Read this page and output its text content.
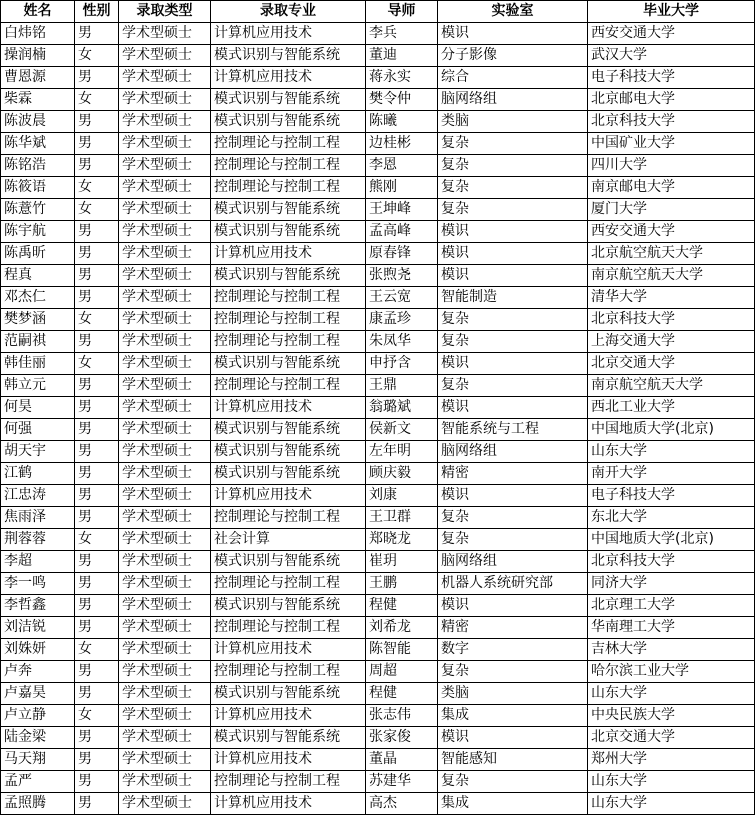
姓名	性别	录取类型	录取专业	导师	实验室	毕业大学
白炜铭	男	学术型硕士	计算机应用技术	李兵	模识	西安交通大学
操润楠	女	学术型硕士	模式识别与智能系统	董迪	分子影像	武汉大学
曹恩源	男	学术型硕士	计算机应用技术	蒋永实	综合	电子科技大学
柴霖	女	学术型硕士	模式识别与智能系统	樊令仲	脑网络组	北京邮电大学
陈波晨	男	学术型硕士	模式识别与智能系统	陈曦	类脑	北京科技大学
陈华斌	男	学术型硕士	控制理论与控制工程	边桂彬	复杂	中国矿业大学
陈铭浩	男	学术型硕士	控制理论与控制工程	李恩	复杂	四川大学
陈筱语	女	学术型硕士	控制理论与控制工程	熊刚	复杂	南京邮电大学
陈薏竹	女	学术型硕士	模式识别与智能系统	王坤峰	复杂	厦门大学
陈宇航	男	学术型硕士	模式识别与智能系统	孟高峰	模识	西安交通大学
陈禹昕	男	学术型硕士	计算机应用技术	原春锋	模识	北京航空航天大学
程真	男	学术型硕士	模式识别与智能系统	张煦尧	模识	南京航空航天大学
邓杰仁	男	学术型硕士	控制理论与控制工程	王云宽	智能制造	清华大学
樊梦涵	女	学术型硕士	控制理论与控制工程	康孟珍	复杂	北京科技大学
范嗣祺	男	学术型硕士	控制理论与控制工程	朱凤华	复杂	上海交通大学
韩佳丽	女	学术型硕士	模式识别与智能系统	申抒含	模识	北京交通大学
韩立元	男	学术型硕士	控制理论与控制工程	王鼎	复杂	南京航空航天大学
何昊	男	学术型硕士	计算机应用技术	翁璐斌	模识	西北工业大学
何强	男	学术型硕士	模式识别与智能系统	侯新文	智能系统与工程	中国地质大学(北京)
胡天宇	男	学术型硕士	模式识别与智能系统	左年明	脑网络组	山东大学
江鹤	男	学术型硕士	模式识别与智能系统	顾庆毅	精密	南开大学
江忠涛	男	学术型硕士	计算机应用技术	刘康	模识	电子科技大学
焦雨泽	男	学术型硕士	控制理论与控制工程	王卫群	复杂	东北大学
荆蓉蓉	女	学术型硕士	社会计算	郑晓龙	复杂	中国地质大学(北京)
李超	男	学术型硕士	模式识别与智能系统	崔玥	脑网络组	北京科技大学
李一鸣	男	学术型硕士	控制理论与控制工程	王鹏	机器人系统研究部	同济大学
李哲鑫	男	学术型硕士	模式识别与智能系统	程健	模识	北京理工大学
刘洁锐	男	学术型硕士	控制理论与控制工程	刘希龙	精密	华南理工大学
刘姝妍	女	学术型硕士	计算机应用技术	陈智能	数字	吉林大学
卢奔	男	学术型硕士	控制理论与控制工程	周超	复杂	哈尔滨工业大学
卢嘉昊	男	学术型硕士	模式识别与智能系统	程健	类脑	山东大学
卢立静	女	学术型硕士	计算机应用技术	张志伟	集成	中央民族大学
陆金梁	男	学术型硕士	模式识别与智能系统	张家俊	模识	北京交通大学
马天翔	男	学术型硕士	计算机应用技术	董晶	智能感知	郑州大学
孟严	男	学术型硕士	控制理论与控制工程	苏建华	复杂	山东大学
孟照腾	男	学术型硕士	计算机应用技术	高杰	集成	山东大学
